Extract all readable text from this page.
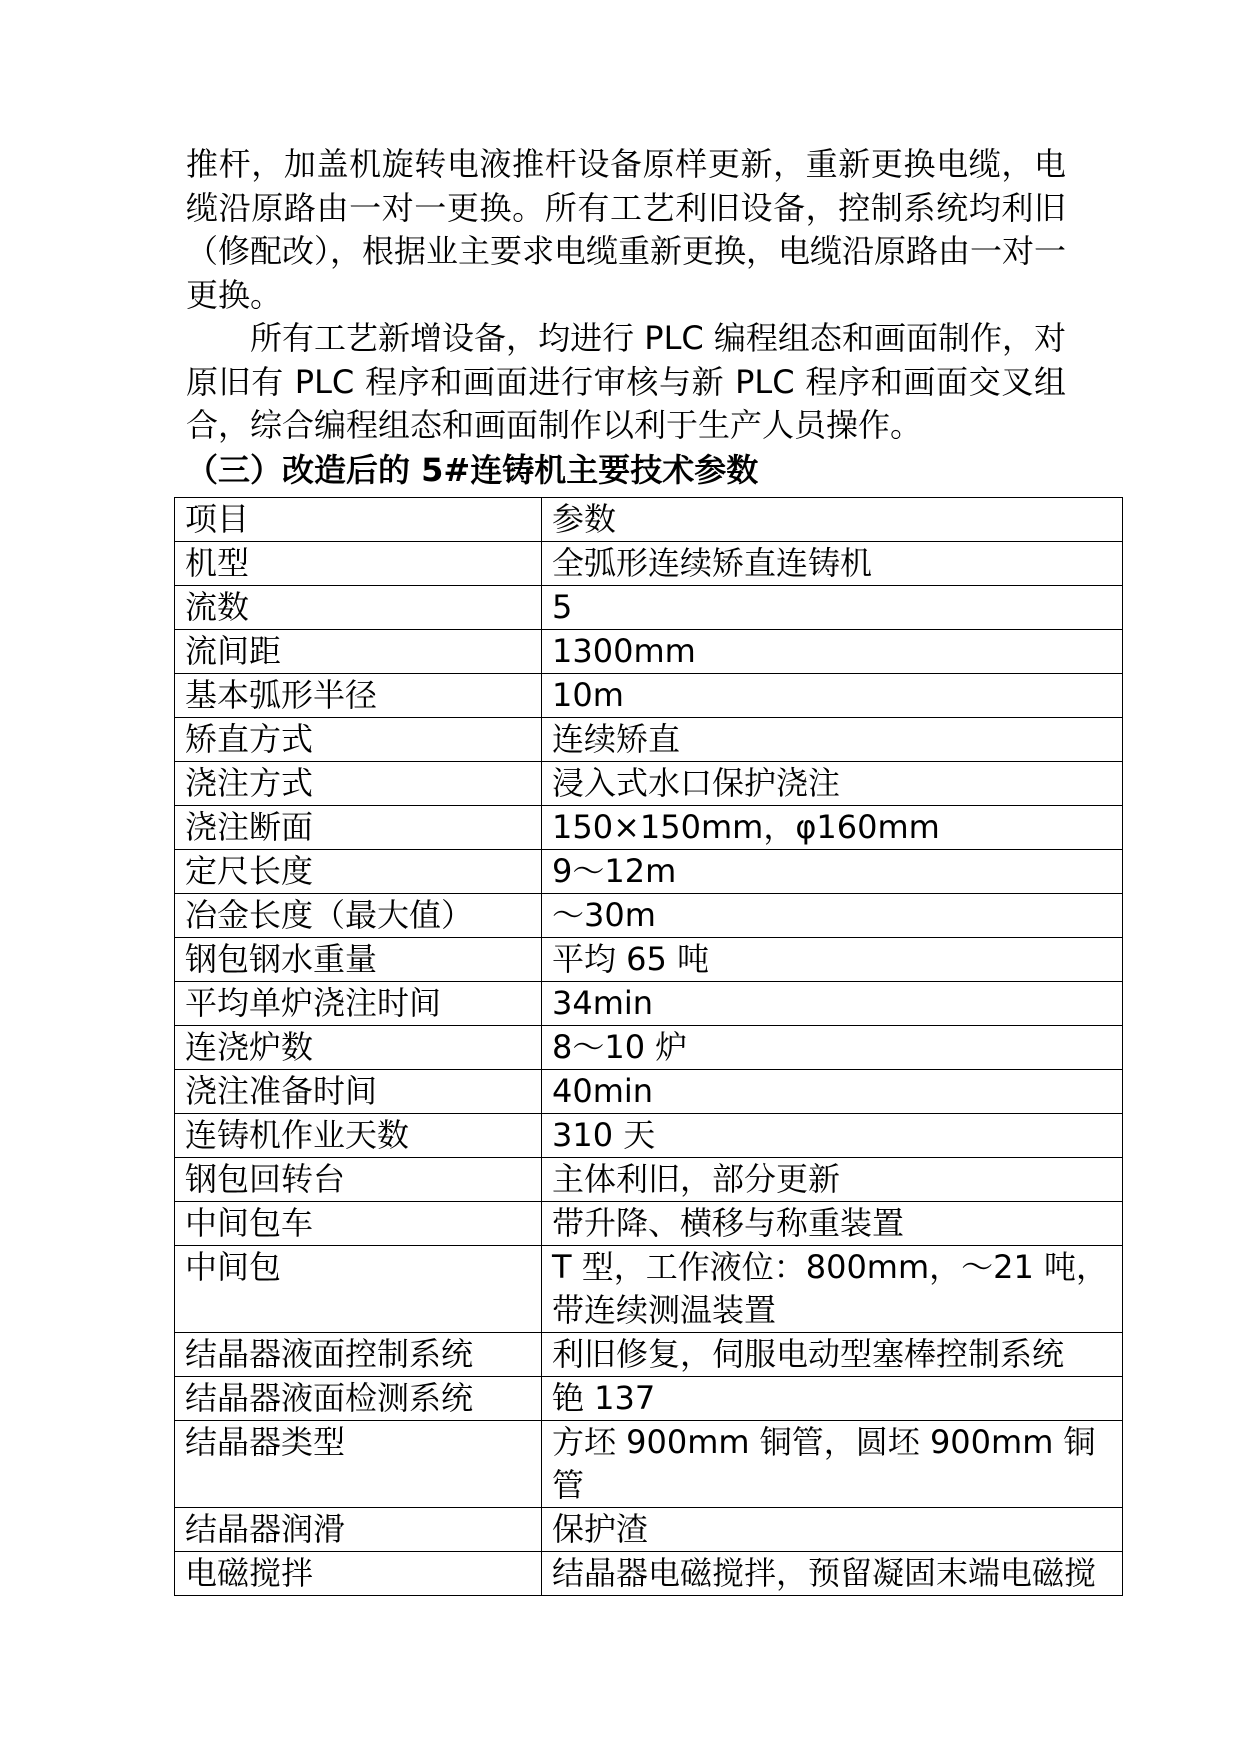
推杆，加盖机旋转电液推杆设备原样更新，重新更换电缆，电缆沿原路由一对一更换。所有工艺利旧设备，控制系统均利旧（修配改），根据业主要求电缆重新更换，电缆沿原路由一对一更换。

所有工艺新增设备，均进行 PLC 编程组态和画面制作，对原旧有 PLC 程序和画面进行审核与新 PLC 程序和画面交叉组合，综合编程组态和画面制作以利于生产人员操作。

（三）改造后的 5#连铸机主要技术参数

项目	参数
机型	全弧形连续矫直连铸机
流数	5
流间距	1300mm
基本弧形半径	10m
矫直方式	连续矫直
浇注方式	浸入式水口保护浇注
浇注断面	150×150mm，φ160mm
定尺长度	9～12m
冶金长度（最大值）	～30m
钢包钢水重量	平均 65 吨
平均单炉浇注时间	34min
连浇炉数	8～10 炉
浇注准备时间	40min
连铸机作业天数	310 天
钢包回转台	主体利旧，部分更新
中间包车	带升降、横移与称重装置
中间包	T 型，工作液位：800mm，～21 吨，带连续测温装置
结晶器液面控制系统	利旧修复，伺服电动型塞棒控制系统
结晶器液面检测系统	铯 137
结晶器类型	方坯 900mm 铜管，圆坯 900mm 铜管
结晶器润滑	保护渣
电磁搅拌	结晶器电磁搅拌，预留凝固末端电磁搅
